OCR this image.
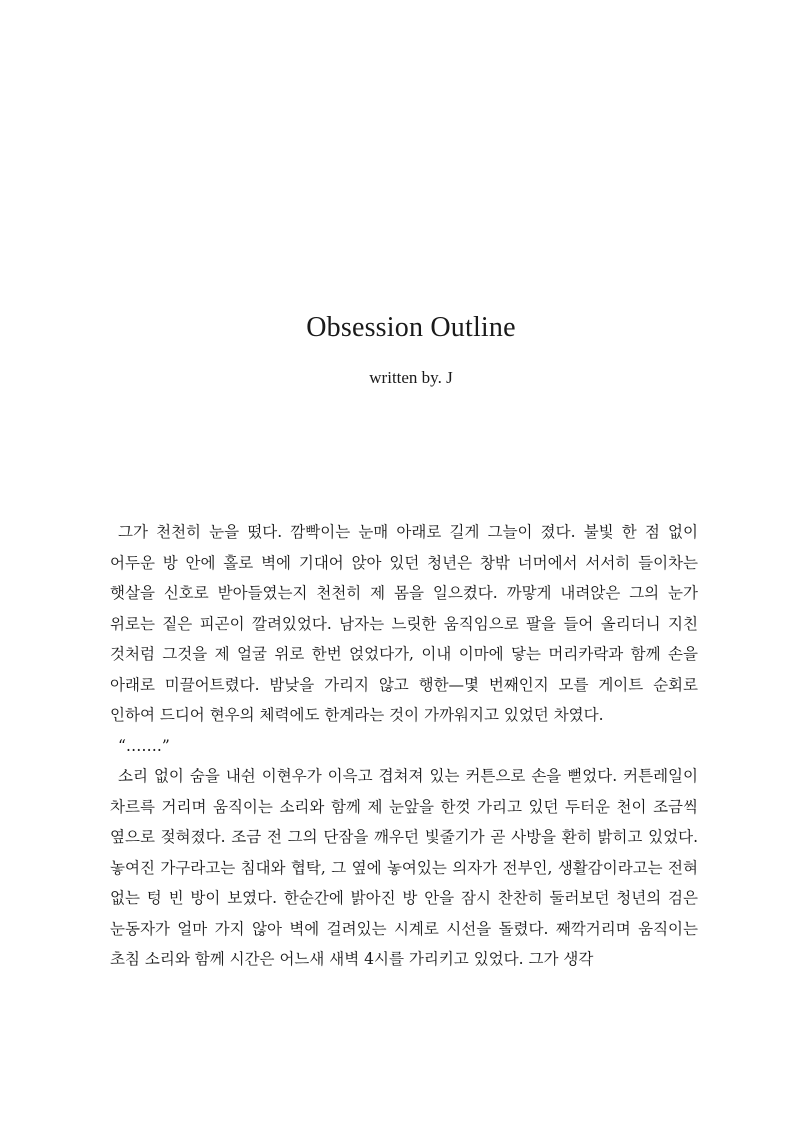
Obsession Outline
written by. J

그가 천천히 눈을 떴다. 깜빡이는 눈매 아래로 길게 그늘이 졌다. 불빛 한 점 없이 어두운 방 안에 홀로 벽에 기대어 앉아 있던 청년은 창밖 너머에서 서서히 들이차는 햇살을 신호로 받아들였는지 천천히 제 몸을 일으켰다. 까맣게 내려앉은 그의 눈가 위로는 짙은 피곤이 깔려있었다. 남자는 느릿한 움직임으로 팔을 들어 올리더니 지친 것처럼 그것을 제 얼굴 위로 한번 얹었다가, 이내 이마에 닿는 머리카락과 함께 손을 아래로 미끌어트렸다. 밤낮을 가리지 않고 행한—몇 번째인지 모를 게이트 순회로 인하여 드디어 현우의 체력에도 한계라는 것이 가까워지고 있었던 차였다.

“…….”

소리 없이 숨을 내쉰 이현우가 이윽고 겹쳐져 있는 커튼으로 손을 뻗었다. 커튼레일이 차르륵 거리며 움직이는 소리와 함께 제 눈앞을 한껏 가리고 있던 두터운 천이 조금씩 옆으로 젖혀졌다. 조금 전 그의 단잠을 깨우던 빛줄기가 곧 사방을 환히 밝히고 있었다. 놓여진 가구라고는 침대와 협탁, 그 옆에 놓여있는 의자가 전부인, 생활감이라고는 전혀 없는 텅 빈 방이 보였다. 한순간에 밝아진 방 안을 잠시 찬찬히 둘러보던 청년의 검은 눈동자가 얼마 가지 않아 벽에 걸려있는 시계로 시선을 돌렸다. 째깍거리며 움직이는 초침 소리와 함께 시간은 어느새 새벽 4시를 가리키고 있었다. 그가 생각
